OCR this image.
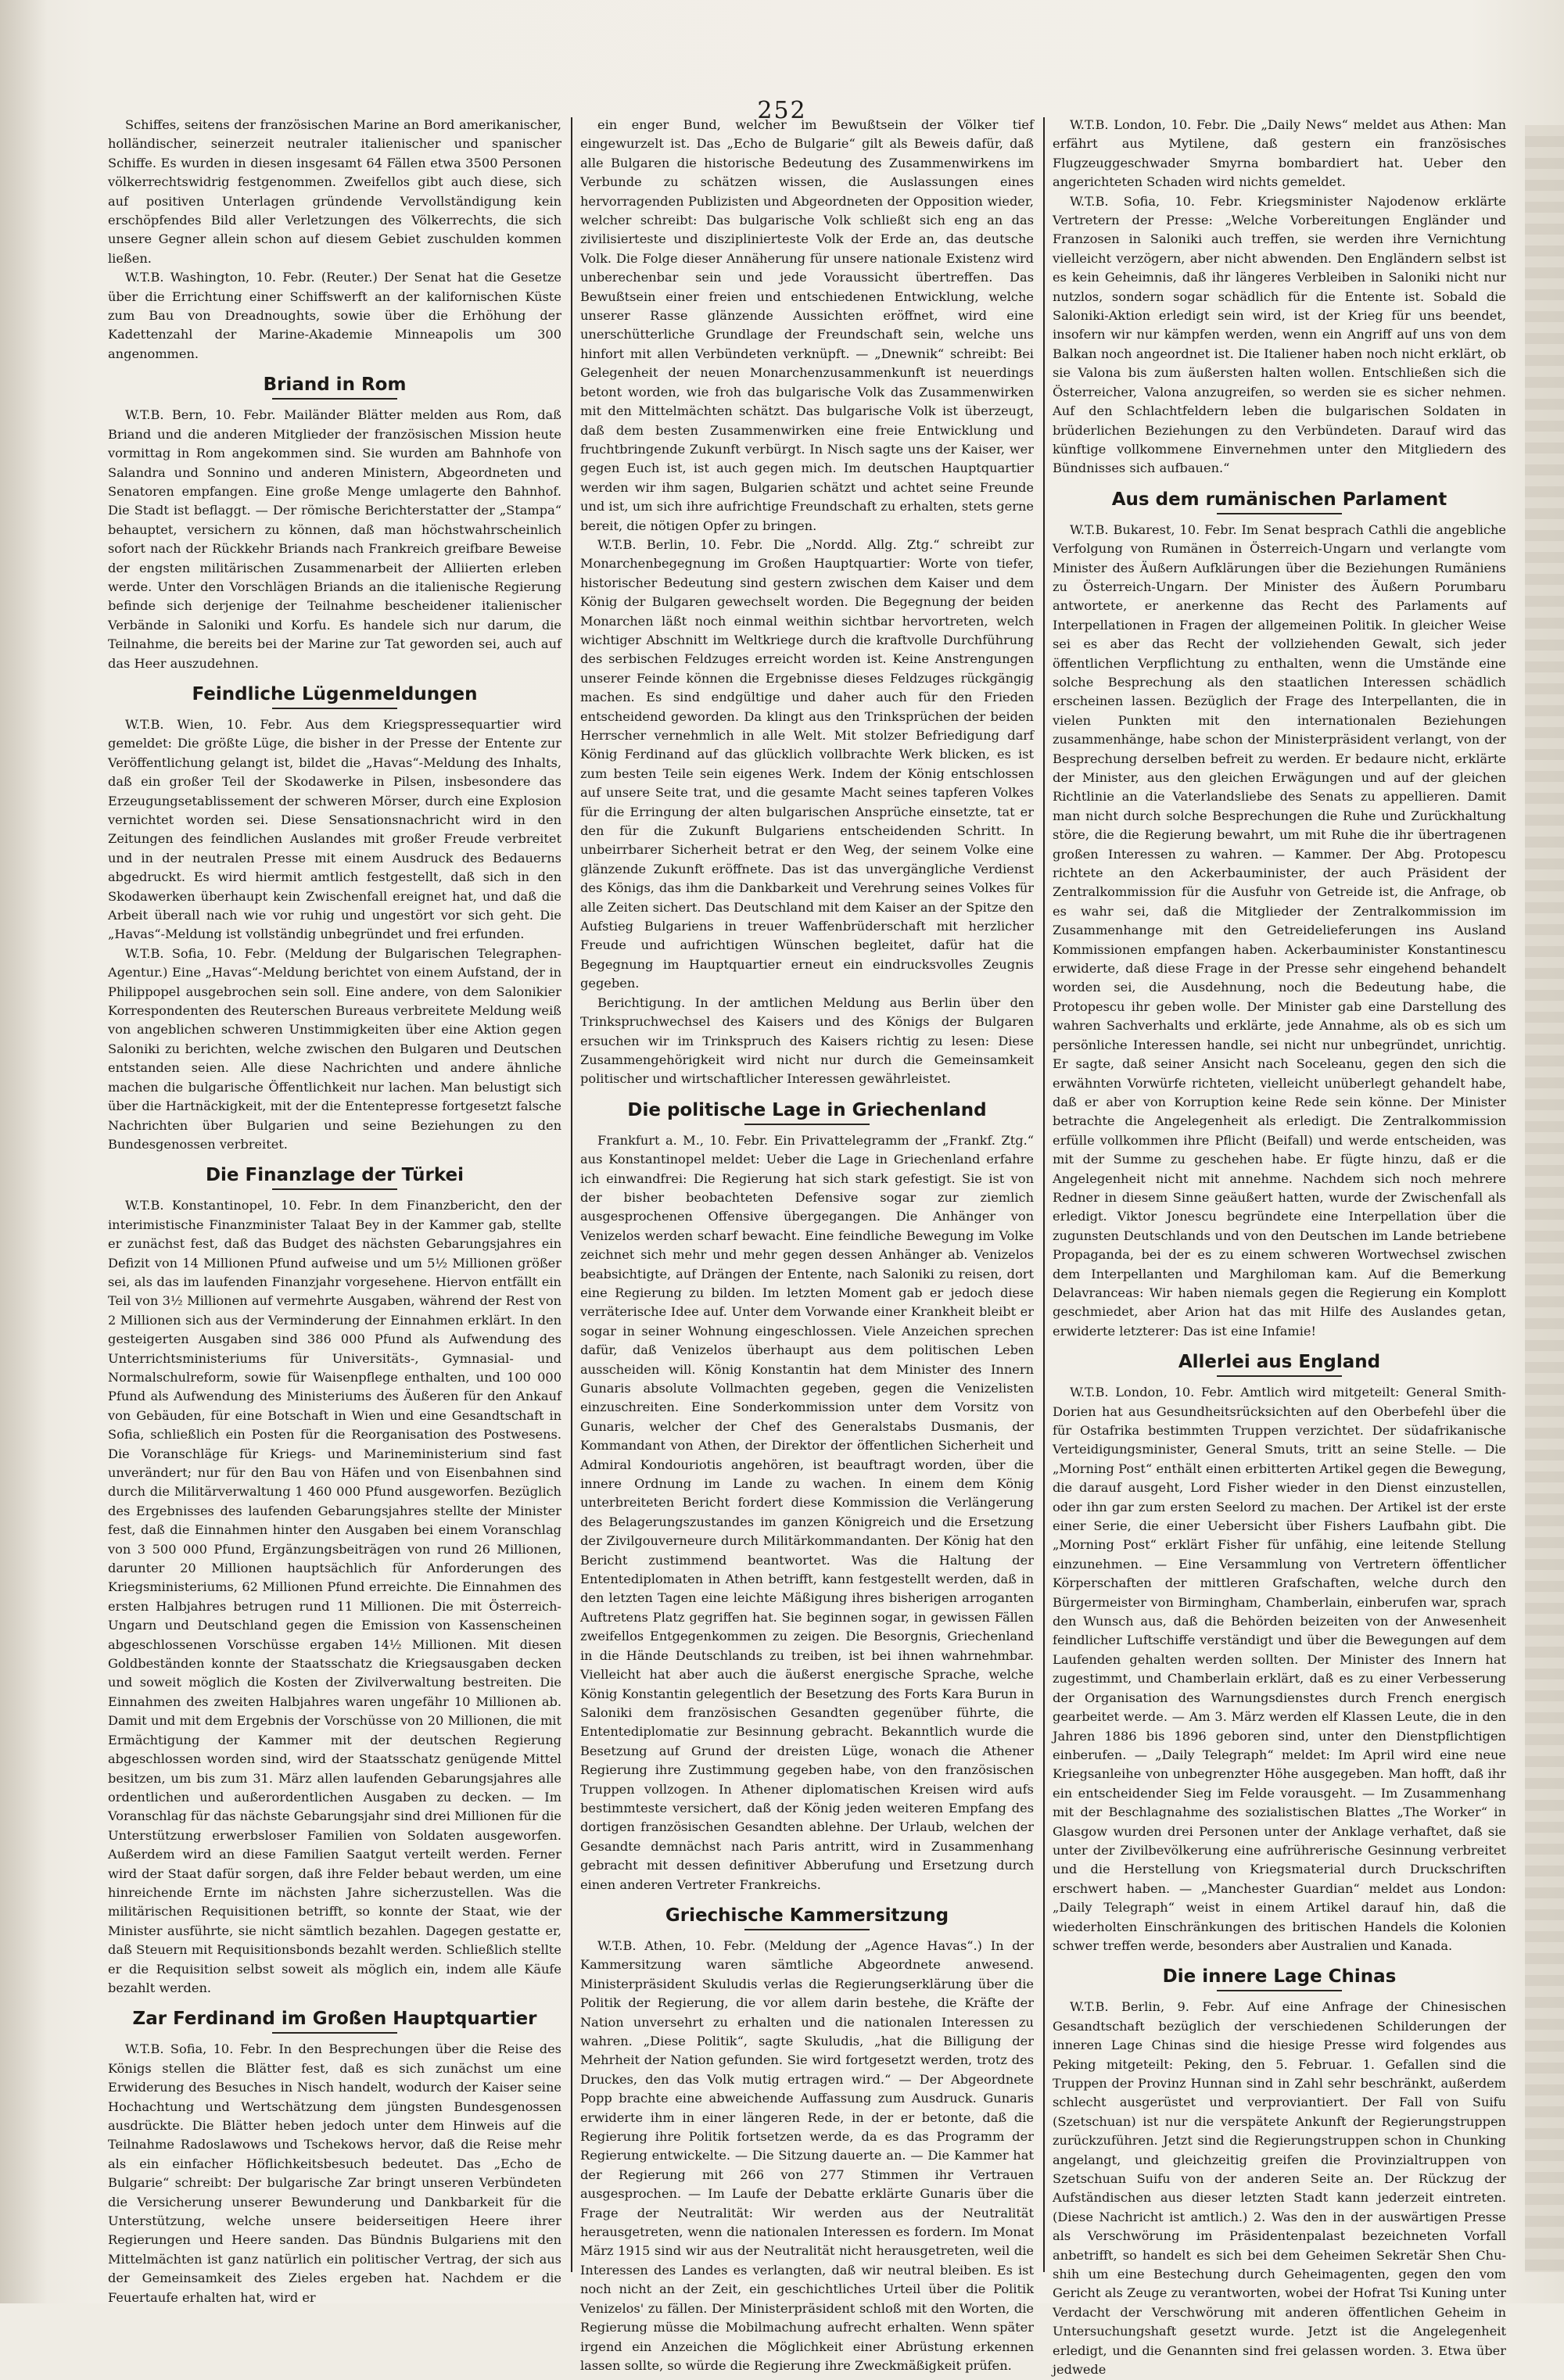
252

Schiffes, seitens der französischen Marine an Bord amerikanischer, holländischer, seinerzeit neutraler italienischer und spanischer Schiffe. Es wurden in diesen insgesamt 64 Fällen etwa 3500 Personen völkerrechtswidrig festgenommen. Zweifellos gibt auch diese, sich auf positiven Unterlagen gründende Vervollständigung kein erschöpfendes Bild aller Verletzungen des Völkerrechts, die sich unsere Gegner allein schon auf diesem Gebiet zuschulden kommen ließen.

W.T.B. Washington, 10. Febr. (Reuter.) Der Senat hat die Gesetze über die Errichtung einer Schiffswerft an der kalifornischen Küste zum Bau von Dreadnoughts, sowie über die Erhöhung der Kadettenzahl der Marine-Akademie Minneapolis um 300 angenommen.

Briand in Rom

W.T.B. Bern, 10. Febr. Mailänder Blätter melden aus Rom, daß Briand und die anderen Mitglieder der französischen Mission heute vormittag in Rom angekommen sind. Sie wurden am Bahnhofe von Salandra und Sonnino und anderen Ministern, Abgeordneten und Senatoren empfangen. Eine große Menge umlagerte den Bahnhof. Die Stadt ist beflaggt. — Der römische Berichterstatter der „Stampa“ behauptet, versichern zu können, daß man höchstwahrscheinlich sofort nach der Rückkehr Briands nach Frankreich greifbare Beweise der engsten militärischen Zusammenarbeit der Alliierten erleben werde. Unter den Vorschlägen Briands an die italienische Regierung befinde sich derjenige der Teilnahme bescheidener italienischer Verbände in Saloniki und Korfu. Es handele sich nur darum, die Teilnahme, die bereits bei der Marine zur Tat geworden sei, auch auf das Heer auszudehnen.

Feindliche Lügenmeldungen

W.T.B. Wien, 10. Febr. Aus dem Kriegspressequartier wird gemeldet: Die größte Lüge, die bisher in der Presse der Entente zur Veröffentlichung gelangt ist, bildet die „Havas“-Meldung des Inhalts, daß ein großer Teil der Skodawerke in Pilsen, insbesondere das Erzeugungsetablissement der schweren Mörser, durch eine Explosion vernichtet worden sei. Diese Sensationsnachricht wird in den Zeitungen des feindlichen Auslandes mit großer Freude verbreitet und in der neutralen Presse mit einem Ausdruck des Bedauerns abgedruckt. Es wird hiermit amtlich festgestellt, daß sich in den Skodawerken überhaupt kein Zwischenfall ereignet hat, und daß die Arbeit überall nach wie vor ruhig und ungestört vor sich geht. Die „Havas“-Meldung ist vollständig unbegründet und frei erfunden.

W.T.B. Sofia, 10. Febr. (Meldung der Bulgarischen Telegraphen-Agentur.) Eine „Havas“-Meldung berichtet von einem Aufstand, der in Philippopel ausgebrochen sein soll. Eine andere, von dem Salonikier Korrespondenten des Reuterschen Bureaus verbreitete Meldung weiß von angeblichen schweren Unstimmigkeiten über eine Aktion gegen Saloniki zu berichten, welche zwischen den Bulgaren und Deutschen entstanden seien. Alle diese Nachrichten und andere ähnliche machen die bulgarische Öffentlichkeit nur lachen. Man belustigt sich über die Hartnäckigkeit, mit der die Ententepresse fortgesetzt falsche Nachrichten über Bulgarien und seine Beziehungen zu den Bundesgenossen verbreitet.

Die Finanzlage der Türkei

W.T.B. Konstantinopel, 10. Febr. In dem Finanzbericht, den der interimistische Finanzminister Talaat Bey in der Kammer gab, stellte er zunächst fest, daß das Budget des nächsten Gebarungsjahres ein Defizit von 14 Millionen Pfund aufweise und um 5½ Millionen größer sei, als das im laufenden Finanzjahr vorgesehene. Hiervon entfällt ein Teil von 3½ Millionen auf vermehrte Ausgaben, während der Rest von 2 Millionen sich aus der Verminderung der Einnahmen erklärt. In den gesteigerten Ausgaben sind 386 000 Pfund als Aufwendung des Unterrichtsministeriums für Universitäts-, Gymnasial- und Normalschulreform, sowie für Waisenpflege enthalten, und 100 000 Pfund als Aufwendung des Ministeriums des Äußeren für den Ankauf von Gebäuden, für eine Botschaft in Wien und eine Gesandtschaft in Sofia, schließlich ein Posten für die Reorganisation des Postwesens. Die Voranschläge für Kriegs- und Marineministerium sind fast unverändert; nur für den Bau von Häfen und von Eisenbahnen sind durch die Militärverwaltung 1 460 000 Pfund ausgeworfen. Bezüglich des Ergebnisses des laufenden Gebarungsjahres stellte der Minister fest, daß die Einnahmen hinter den Ausgaben bei einem Voranschlag von 3 500 000 Pfund, Ergänzungsbeiträgen von rund 26 Millionen, darunter 20 Millionen hauptsächlich für Anforderungen des Kriegsministeriums, 62 Millionen Pfund erreichte. Die Einnahmen des ersten Halbjahres betrugen rund 11 Millionen. Die mit Österreich-Ungarn und Deutschland gegen die Emission von Kassenscheinen abgeschlossenen Vorschüsse ergaben 14½ Millionen. Mit diesen Goldbeständen konnte der Staatsschatz die Kriegsausgaben decken und soweit möglich die Kosten der Zivilverwaltung bestreiten. Die Einnahmen des zweiten Halbjahres waren ungefähr 10 Millionen ab. Damit und mit dem Ergebnis der Vorschüsse von 20 Millionen, die mit Ermächtigung der Kammer mit der deutschen Regierung abgeschlossen worden sind, wird der Staatsschatz genügende Mittel besitzen, um bis zum 31. März allen laufenden Gebarungsjahres alle ordentlichen und außerordentlichen Ausgaben zu decken. — Im Voranschlag für das nächste Gebarungsjahr sind drei Millionen für die Unterstützung erwerbsloser Familien von Soldaten ausgeworfen. Außerdem wird an diese Familien Saatgut verteilt werden. Ferner wird der Staat dafür sorgen, daß ihre Felder bebaut werden, um eine hinreichende Ernte im nächsten Jahre sicherzustellen. Was die militärischen Requisitionen betrifft, so konnte der Staat, wie der Minister ausführte, sie nicht sämtlich bezahlen. Dagegen gestatte er, daß Steuern mit Requisitionsbonds bezahlt werden. Schließlich stellte er die Requisition selbst soweit als möglich ein, indem alle Käufe bezahlt werden.

Zar Ferdinand im Großen Hauptquartier

W.T.B. Sofia, 10. Febr. In den Besprechungen über die Reise des Königs stellen die Blätter fest, daß es sich zunächst um eine Erwiderung des Besuches in Nisch handelt, wodurch der Kaiser seine Hochachtung und Wertschätzung dem jüngsten Bundesgenossen ausdrückte. Die Blätter heben jedoch unter dem Hinweis auf die Teilnahme Radoslawows und Tschekows hervor, daß die Reise mehr als ein einfacher Höflichkeitsbesuch bedeutet. Das „Echo de Bulgarie“ schreibt: Der bulgarische Zar bringt unseren Verbündeten die Versicherung unserer Bewunderung und Dankbarkeit für die Unterstützung, welche unsere beiderseitigen Heere ihrer Regierungen und Heere sanden. Das Bündnis Bulgariens mit den Mittelmächten ist ganz natürlich ein politischer Vertrag, der sich aus der Gemeinsamkeit des Zieles ergeben hat. Nachdem er die Feuertaufe erhalten hat, wird er

ein enger Bund, welcher im Bewußtsein der Völker tief eingewurzelt ist. Das „Echo de Bulgarie“ gilt als Beweis dafür, daß alle Bulgaren die historische Bedeutung des Zusammenwirkens im Verbunde zu schätzen wissen, die Auslassungen eines hervorragenden Publizisten und Abgeordneten der Opposition wieder, welcher schreibt: Das bulgarische Volk schließt sich eng an das zivilisierteste und disziplinierteste Volk der Erde an, das deutsche Volk. Die Folge dieser Annäherung für unsere nationale Existenz wird unberechenbar sein und jede Voraussicht übertreffen. Das Bewußtsein einer freien und entschiedenen Entwicklung, welche unserer Rasse glänzende Aussichten eröffnet, wird eine unerschütterliche Grundlage der Freundschaft sein, welche uns hinfort mit allen Verbündeten verknüpft. — „Dnewnik“ schreibt: Bei Gelegenheit der neuen Monarchenzusammenkunft ist neuerdings betont worden, wie froh das bulgarische Volk das Zusammenwirken mit den Mittelmächten schätzt. Das bulgarische Volk ist überzeugt, daß dem besten Zusammenwirken eine freie Entwicklung und fruchtbringende Zukunft verbürgt. In Nisch sagte uns der Kaiser, wer gegen Euch ist, ist auch gegen mich. Im deutschen Hauptquartier werden wir ihm sagen, Bulgarien schätzt und achtet seine Freunde und ist, um sich ihre aufrichtige Freundschaft zu erhalten, stets gerne bereit, die nötigen Opfer zu bringen.

W.T.B. Berlin, 10. Febr. Die „Nordd. Allg. Ztg.“ schreibt zur Monarchenbegegnung im Großen Hauptquartier: Worte von tiefer, historischer Bedeutung sind gestern zwischen dem Kaiser und dem König der Bulgaren gewechselt worden. Die Begegnung der beiden Monarchen läßt noch einmal weithin sichtbar hervortreten, welch wichtiger Abschnitt im Weltkriege durch die kraftvolle Durchführung des serbischen Feldzuges erreicht worden ist. Keine Anstrengungen unserer Feinde können die Ergebnisse dieses Feldzuges rückgängig machen. Es sind endgültige und daher auch für den Frieden entscheidend geworden. Da klingt aus den Trinksprüchen der beiden Herrscher vernehmlich in alle Welt. Mit stolzer Befriedigung darf König Ferdinand auf das glücklich vollbrachte Werk blicken, es ist zum besten Teile sein eigenes Werk. Indem der König entschlossen auf unsere Seite trat, und die gesamte Macht seines tapferen Volkes für die Erringung der alten bulgarischen Ansprüche einsetzte, tat er den für die Zukunft Bulgariens entscheidenden Schritt. In unbeirrbarer Sicherheit betrat er den Weg, der seinem Volke eine glänzende Zukunft eröffnete. Das ist das unvergängliche Verdienst des Königs, das ihm die Dankbarkeit und Verehrung seines Volkes für alle Zeiten sichert. Das Deutschland mit dem Kaiser an der Spitze den Aufstieg Bulgariens in treuer Waffenbrüderschaft mit herzlicher Freude und aufrichtigen Wünschen begleitet, dafür hat die Begegnung im Hauptquartier erneut ein eindrucksvolles Zeugnis gegeben.

Berichtigung. In der amtlichen Meldung aus Berlin über den Trinkspruchwechsel des Kaisers und des Königs der Bulgaren ersuchen wir im Trinkspruch des Kaisers richtig zu lesen: Diese Zusammengehörigkeit wird nicht nur durch die Gemeinsamkeit politischer und wirtschaftlicher Interessen gewährleistet.

Die politische Lage in Griechenland

Frankfurt a. M., 10. Febr. Ein Privattelegramm der „Frankf. Ztg.“ aus Konstantinopel meldet: Ueber die Lage in Griechenland erfahre ich einwandfrei: Die Regierung hat sich stark gefestigt. Sie ist von der bisher beobachteten Defensive sogar zur ziemlich ausgesprochenen Offensive übergegangen. Die Anhänger von Venizelos werden scharf bewacht. Eine feindliche Bewegung im Volke zeichnet sich mehr und mehr gegen dessen Anhänger ab. Venizelos beabsichtigte, auf Drängen der Entente, nach Saloniki zu reisen, dort eine Regierung zu bilden. Im letzten Moment gab er jedoch diese verräterische Idee auf. Unter dem Vorwande einer Krankheit bleibt er sogar in seiner Wohnung eingeschlossen. Viele Anzeichen sprechen dafür, daß Venizelos überhaupt aus dem politischen Leben ausscheiden will. König Konstantin hat dem Minister des Innern Gunaris absolute Vollmachten gegeben, gegen die Venizelisten einzuschreiten. Eine Sonderkommission unter dem Vorsitz von Gunaris, welcher der Chef des Generalstabs Dusmanis, der Kommandant von Athen, der Direktor der öffentlichen Sicherheit und Admiral Kondouriotis angehören, ist beauftragt worden, über die innere Ordnung im Lande zu wachen. In einem dem König unterbreiteten Bericht fordert diese Kommission die Verlängerung des Belagerungszustandes im ganzen Königreich und die Ersetzung der Zivilgouverneure durch Militärkommandanten. Der König hat den Bericht zustimmend beantwortet. Was die Haltung der Ententediplomaten in Athen betrifft, kann festgestellt werden, daß in den letzten Tagen eine leichte Mäßigung ihres bisherigen arroganten Auftretens Platz gegriffen hat. Sie beginnen sogar, in gewissen Fällen zweifellos Entgegenkommen zu zeigen. Die Besorgnis, Griechenland in die Hände Deutschlands zu treiben, ist bei ihnen wahrnehmbar. Vielleicht hat aber auch die äußerst energische Sprache, welche König Konstantin gelegentlich der Besetzung des Forts Kara Burun in Saloniki dem französischen Gesandten gegenüber führte, die Ententediplomatie zur Besinnung gebracht. Bekanntlich wurde die Besetzung auf Grund der dreisten Lüge, wonach die Athener Regierung ihre Zustimmung gegeben habe, von den französischen Truppen vollzogen. In Athener diplomatischen Kreisen wird aufs bestimmteste versichert, daß der König jeden weiteren Empfang des dortigen französischen Gesandten ablehne. Der Urlaub, welchen der Gesandte demnächst nach Paris antritt, wird in Zusammenhang gebracht mit dessen definitiver Abberufung und Ersetzung durch einen anderen Vertreter Frankreichs.

Griechische Kammersitzung

W.T.B. Athen, 10. Febr. (Meldung der „Agence Havas“.) In der Kammersitzung waren sämtliche Abgeordnete anwesend. Ministerpräsident Skuludis verlas die Regierungserklärung über die Politik der Regierung, die vor allem darin bestehe, die Kräfte der Nation unversehrt zu erhalten und die nationalen Interessen zu wahren. „Diese Politik“, sagte Skuludis, „hat die Billigung der Mehrheit der Nation gefunden. Sie wird fortgesetzt werden, trotz des Druckes, den das Volk mutig ertragen wird.“ — Der Abgeordnete Popp brachte eine abweichende Auffassung zum Ausdruck. Gunaris erwiderte ihm in einer längeren Rede, in der er betonte, daß die Regierung ihre Politik fortsetzen werde, da es das Programm der Regierung entwickelte. — Die Sitzung dauerte an. — Die Kammer hat der Regierung mit 266 von 277 Stimmen ihr Vertrauen ausgesprochen. — Im Laufe der Debatte erklärte Gunaris über die Frage der Neutralität: Wir werden aus der Neutralität herausgetreten, wenn die nationalen Interessen es fordern. Im Monat März 1915 sind wir aus der Neutralität nicht herausgetreten, weil die Interessen des Landes es verlangten, daß wir neutral bleiben. Es ist noch nicht an der Zeit, ein geschichtliches Urteil über die Politik Venizelos' zu fällen. Der Ministerpräsident schloß mit den Worten, die Regierung müsse die Mobilmachung aufrecht erhalten. Wenn später irgend ein Anzeichen die Möglichkeit einer Abrüstung erkennen lassen sollte, so würde die Regierung ihre Zweckmäßigkeit prüfen.

W.T.B. London, 10. Febr. Die „Daily News“ meldet aus Athen: Man erfährt aus Mytilene, daß gestern ein französisches Flugzeuggeschwader Smyrna bombardiert hat. Ueber den angerichteten Schaden wird nichts gemeldet.

W.T.B. Sofia, 10. Febr. Kriegsminister Najodenow erklärte Vertretern der Presse: „Welche Vorbereitungen Engländer und Franzosen in Saloniki auch treffen, sie werden ihre Vernichtung vielleicht verzögern, aber nicht abwenden. Den Engländern selbst ist es kein Geheimnis, daß ihr längeres Verbleiben in Saloniki nicht nur nutzlos, sondern sogar schädlich für die Entente ist. Sobald die Saloniki-Aktion erledigt sein wird, ist der Krieg für uns beendet, insofern wir nur kämpfen werden, wenn ein Angriff auf uns von dem Balkan noch angeordnet ist. Die Italiener haben noch nicht erklärt, ob sie Valona bis zum äußersten halten wollen. Entschließen sich die Österreicher, Valona anzugreifen, so werden sie es sicher nehmen. Auf den Schlachtfeldern leben die bulgarischen Soldaten in brüderlichen Beziehungen zu den Verbündeten. Darauf wird das künftige vollkommene Einvernehmen unter den Mitgliedern des Bündnisses sich aufbauen.“

Aus dem rumänischen Parlament

W.T.B. Bukarest, 10. Febr. Im Senat besprach Cathli die angebliche Verfolgung von Rumänen in Österreich-Ungarn und verlangte vom Minister des Äußern Aufklärungen über die Beziehungen Rumäniens zu Österreich-Ungarn. Der Minister des Äußern Porumbaru antwortete, er anerkenne das Recht des Parlaments auf Interpellationen in Fragen der allgemeinen Politik. In gleicher Weise sei es aber das Recht der vollziehenden Gewalt, sich jeder öffentlichen Verpflichtung zu enthalten, wenn die Umstände eine solche Besprechung als den staatlichen Interessen schädlich erscheinen lassen. Bezüglich der Frage des Interpellanten, die in vielen Punkten mit den internationalen Beziehungen zusammenhänge, habe schon der Ministerpräsident verlangt, von der Besprechung derselben befreit zu werden. Er bedaure nicht, erklärte der Minister, aus den gleichen Erwägungen und auf der gleichen Richtlinie an die Vaterlandsliebe des Senats zu appellieren. Damit man nicht durch solche Besprechungen die Ruhe und Zurückhaltung störe, die die Regierung bewahrt, um mit Ruhe die ihr übertragenen großen Interessen zu wahren. — Kammer. Der Abg. Protopescu richtete an den Ackerbauminister, der auch Präsident der Zentralkommission für die Ausfuhr von Getreide ist, die Anfrage, ob es wahr sei, daß die Mitglieder der Zentralkommission im Zusammenhange mit den Getreidelieferungen ins Ausland Kommissionen empfangen haben. Ackerbauminister Konstantinescu erwiderte, daß diese Frage in der Presse sehr eingehend behandelt worden sei, die Ausdehnung, noch die Bedeutung habe, die Protopescu ihr geben wolle. Der Minister gab eine Darstellung des wahren Sachverhalts und erklärte, jede Annahme, als ob es sich um persönliche Interessen handle, sei nicht nur unbegründet, unrichtig. Er sagte, daß seiner Ansicht nach Soceleanu, gegen den sich die erwähnten Vorwürfe richteten, vielleicht unüberlegt gehandelt habe, daß er aber von Korruption keine Rede sein könne. Der Minister betrachte die Angelegenheit als erledigt. Die Zentralkommission erfülle vollkommen ihre Pflicht (Beifall) und werde entscheiden, was mit der Summe zu geschehen habe. Er fügte hinzu, daß er die Angelegenheit nicht mit annehme. Nachdem sich noch mehrere Redner in diesem Sinne geäußert hatten, wurde der Zwischenfall als erledigt. Viktor Jonescu begründete eine Interpellation über die zugunsten Deutschlands und von den Deutschen im Lande betriebene Propaganda, bei der es zu einem schweren Wortwechsel zwischen dem Interpellanten und Marghiloman kam. Auf die Bemerkung Delavranceas: Wir haben niemals gegen die Regierung ein Komplott geschmiedet, aber Arion hat das mit Hilfe des Auslandes getan, erwiderte letzterer: Das ist eine Infamie!

Allerlei aus England

W.T.B. London, 10. Febr. Amtlich wird mitgeteilt: General Smith-Dorien hat aus Gesundheitsrücksichten auf den Oberbefehl über die für Ostafrika bestimmten Truppen verzichtet. Der südafrikanische Verteidigungsminister, General Smuts, tritt an seine Stelle. — Die „Morning Post“ enthält einen erbitterten Artikel gegen die Bewegung, die darauf ausgeht, Lord Fisher wieder in den Dienst einzustellen, oder ihn gar zum ersten Seelord zu machen. Der Artikel ist der erste einer Serie, die einer Uebersicht über Fishers Laufbahn gibt. Die „Morning Post“ erklärt Fisher für unfähig, eine leitende Stellung einzunehmen. — Eine Versammlung von Vertretern öffentlicher Körperschaften der mittleren Grafschaften, welche durch den Bürgermeister von Birmingham, Chamberlain, einberufen war, sprach den Wunsch aus, daß die Behörden beizeiten von der Anwesenheit feindlicher Luftschiffe verständigt und über die Bewegungen auf dem Laufenden gehalten werden sollten. Der Minister des Innern hat zugestimmt, und Chamberlain erklärt, daß es zu einer Verbesserung der Organisation des Warnungsdienstes durch French energisch gearbeitet werde. — Am 3. März werden elf Klassen Leute, die in den Jahren 1886 bis 1896 geboren sind, unter den Dienstpflichtigen einberufen. — „Daily Telegraph“ meldet: Im April wird eine neue Kriegsanleihe von unbegrenzter Höhe ausgegeben. Man hofft, daß ihr ein entscheidender Sieg im Felde vorausgeht. — Im Zusammenhang mit der Beschlagnahme des sozialistischen Blattes „The Worker“ in Glasgow wurden drei Personen unter der Anklage verhaftet, daß sie unter der Zivilbevölkerung eine aufrührerische Gesinnung verbreitet und die Herstellung von Kriegsmaterial durch Druckschriften erschwert haben. — „Manchester Guardian“ meldet aus London: „Daily Telegraph“ weist in einem Artikel darauf hin, daß die wiederholten Einschränkungen des britischen Handels die Kolonien schwer treffen werde, besonders aber Australien und Kanada.

Die innere Lage Chinas

W.T.B. Berlin, 9. Febr. Auf eine Anfrage der Chinesischen Gesandtschaft bezüglich der verschiedenen Schilderungen der inneren Lage Chinas sind die hiesige Presse wird folgendes aus Peking mitgeteilt: Peking, den 5. Februar. 1. Gefallen sind die Truppen der Provinz Hunnan sind in Zahl sehr beschränkt, außerdem schlecht ausgerüstet und verproviantiert. Der Fall von Suifu (Szetschuan) ist nur die verspätete Ankunft der Regierungstruppen zurückzuführen. Jetzt sind die Regierungstruppen schon in Chunking angelangt, und gleichzeitig greifen die Provinzialtruppen von Szetschuan Suifu von der anderen Seite an. Der Rückzug der Aufständischen aus dieser letzten Stadt kann jederzeit eintreten. (Diese Nachricht ist amtlich.) 2. Was den in der auswärtigen Presse als Verschwörung im Präsidentenpalast bezeichneten Vorfall anbetrifft, so handelt es sich bei dem Geheimen Sekretär Shen Chu-shih um eine Bestechung durch Geheimagenten, gegen den vom Gericht als Zeuge zu verantworten, wobei der Hofrat Tsi Kuning unter Verdacht der Verschwörung mit anderen öffentlichen Geheim in Untersuchungshaft gesetzt wurde. Jetzt ist die Angelegenheit erledigt, und die Genannten sind frei gelassen worden. 3. Etwa über jedwede
